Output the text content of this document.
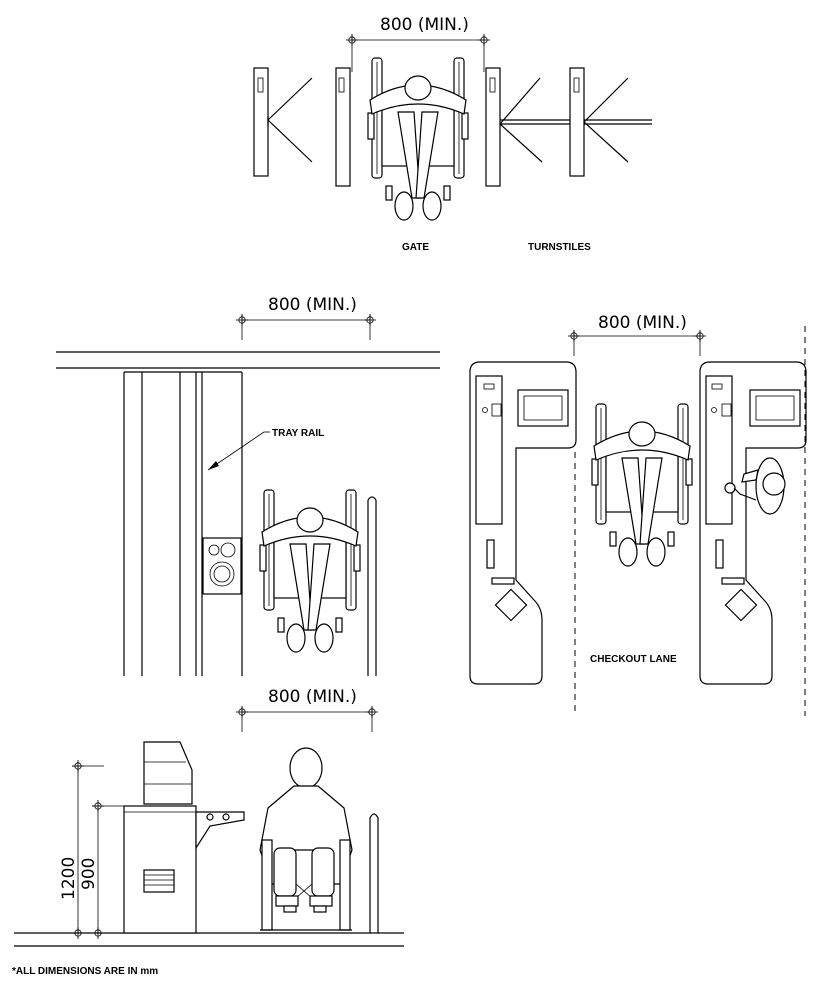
800 (MIN.)
GATE	TURNSTILES
800 (MIN.)
TRAY RAIL
800 (MIN.)
CHECKOUT LANE
800 (MIN.)
1200 900
*ALL DIMENSIONS ARE IN mm
